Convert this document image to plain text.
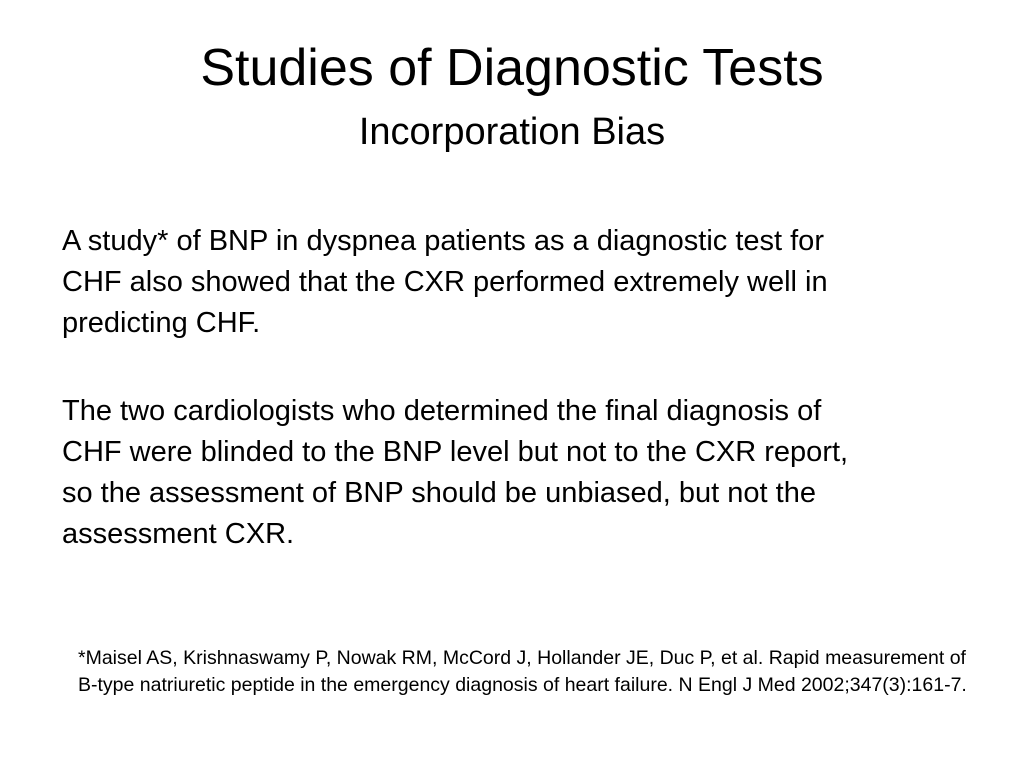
Studies of Diagnostic Tests
Incorporation Bias

A study* of BNP in dyspnea patients as a diagnostic test for CHF also showed that the CXR performed extremely well in predicting CHF.

The two cardiologists who determined the final diagnosis of CHF were blinded to the BNP level but not to the CXR report, so the assessment of BNP should be unbiased, but not the assessment CXR.

*Maisel AS, Krishnaswamy P, Nowak RM, McCord J, Hollander JE, Duc P, et al. Rapid measurement of B-type natriuretic peptide in the emergency diagnosis of heart failure. N Engl J Med 2002;347(3):161-7.
